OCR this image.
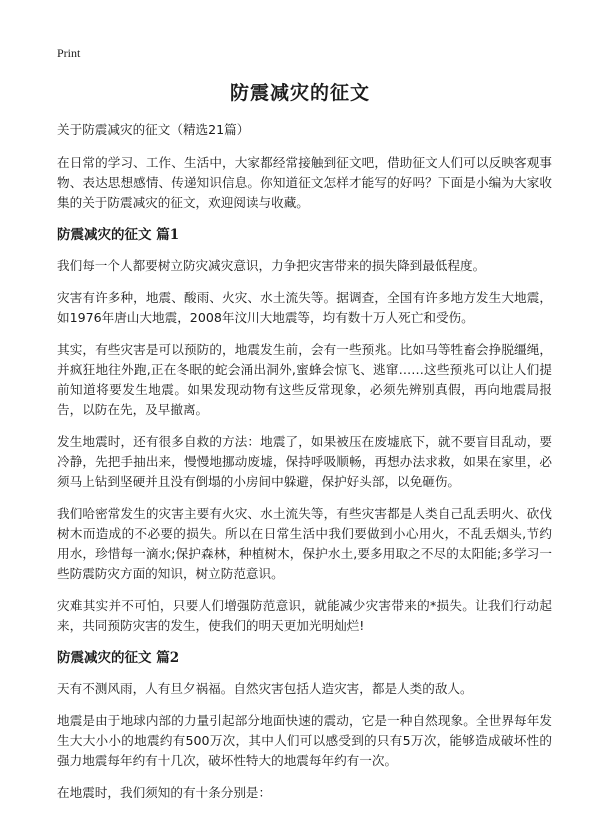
Print
防震减灾的征文

关于防震减灾的征文（精选21篇）

在日常的学习、工作、生活中，大家都经常接触到征文吧，借助征文人们可以反映客观事物、表达思想感情、传递知识信息。你知道征文怎样才能写的好吗？下面是小编为大家收集的关于防震减灾的征文，欢迎阅读与收藏。

防震减灾的征文 篇1

我们每一个人都要树立防灾减灾意识，力争把灾害带来的损失降到最低程度。

灾害有许多种，地震、酸雨、火灾、水土流失等。据调查，全国有许多地方发生大地震，如1976年唐山大地震，2008年汶川大地震等，均有数十万人死亡和受伤。

其实，有些灾害是可以预防的，地震发生前，会有一些预兆。比如马等牲畜会挣脱缰绳，并疯狂地往外跑,正在冬眠的蛇会涌出洞外,蜜蜂会惊飞、逃窜……这些预兆可以让人们提前知道将要发生地震。如果发现动物有这些反常现象，必须先辨别真假，再向地震局报告，以防在先，及早撤离。

发生地震时，还有很多自救的方法：地震了，如果被压在废墟底下，就不要盲目乱动，要冷静，先把手抽出来，慢慢地挪动废墟，保持呼吸顺畅，再想办法求救，如果在家里，必须马上钻到坚硬并且没有倒塌的小房间中躲避，保护好头部，以免砸伤。

我们哈密常发生的灾害主要有火灾、水土流失等，有些灾害都是人类自己乱丢明火、砍伐树木而造成的不必要的损失。所以在日常生活中我们要做到小心用火，不乱丢烟头,节约用水，珍惜每一滴水;保护森林，种植树木，保护水土,要多用取之不尽的太阳能;多学习一些防震防灾方面的知识，树立防范意识。

灾难其实并不可怕，只要人们增强防范意识，就能减少灾害带来的*损失。让我们行动起来，共同预防灾害的发生，使我们的明天更加光明灿烂!

防震减灾的征文 篇2

天有不测风雨，人有旦夕祸福。自然灾害包括人造灾害，都是人类的敌人。

地震是由于地球内部的力量引起部分地面快速的震动，它是一种自然现象。全世界每年发生大大小小的地震约有500万次，其中人们可以感受到的只有5万次，能够造成破坏性的强力地震每年约有十几次，破坏性特大的地震每年约有一次。

在地震时，我们须知的有十条分别是：
